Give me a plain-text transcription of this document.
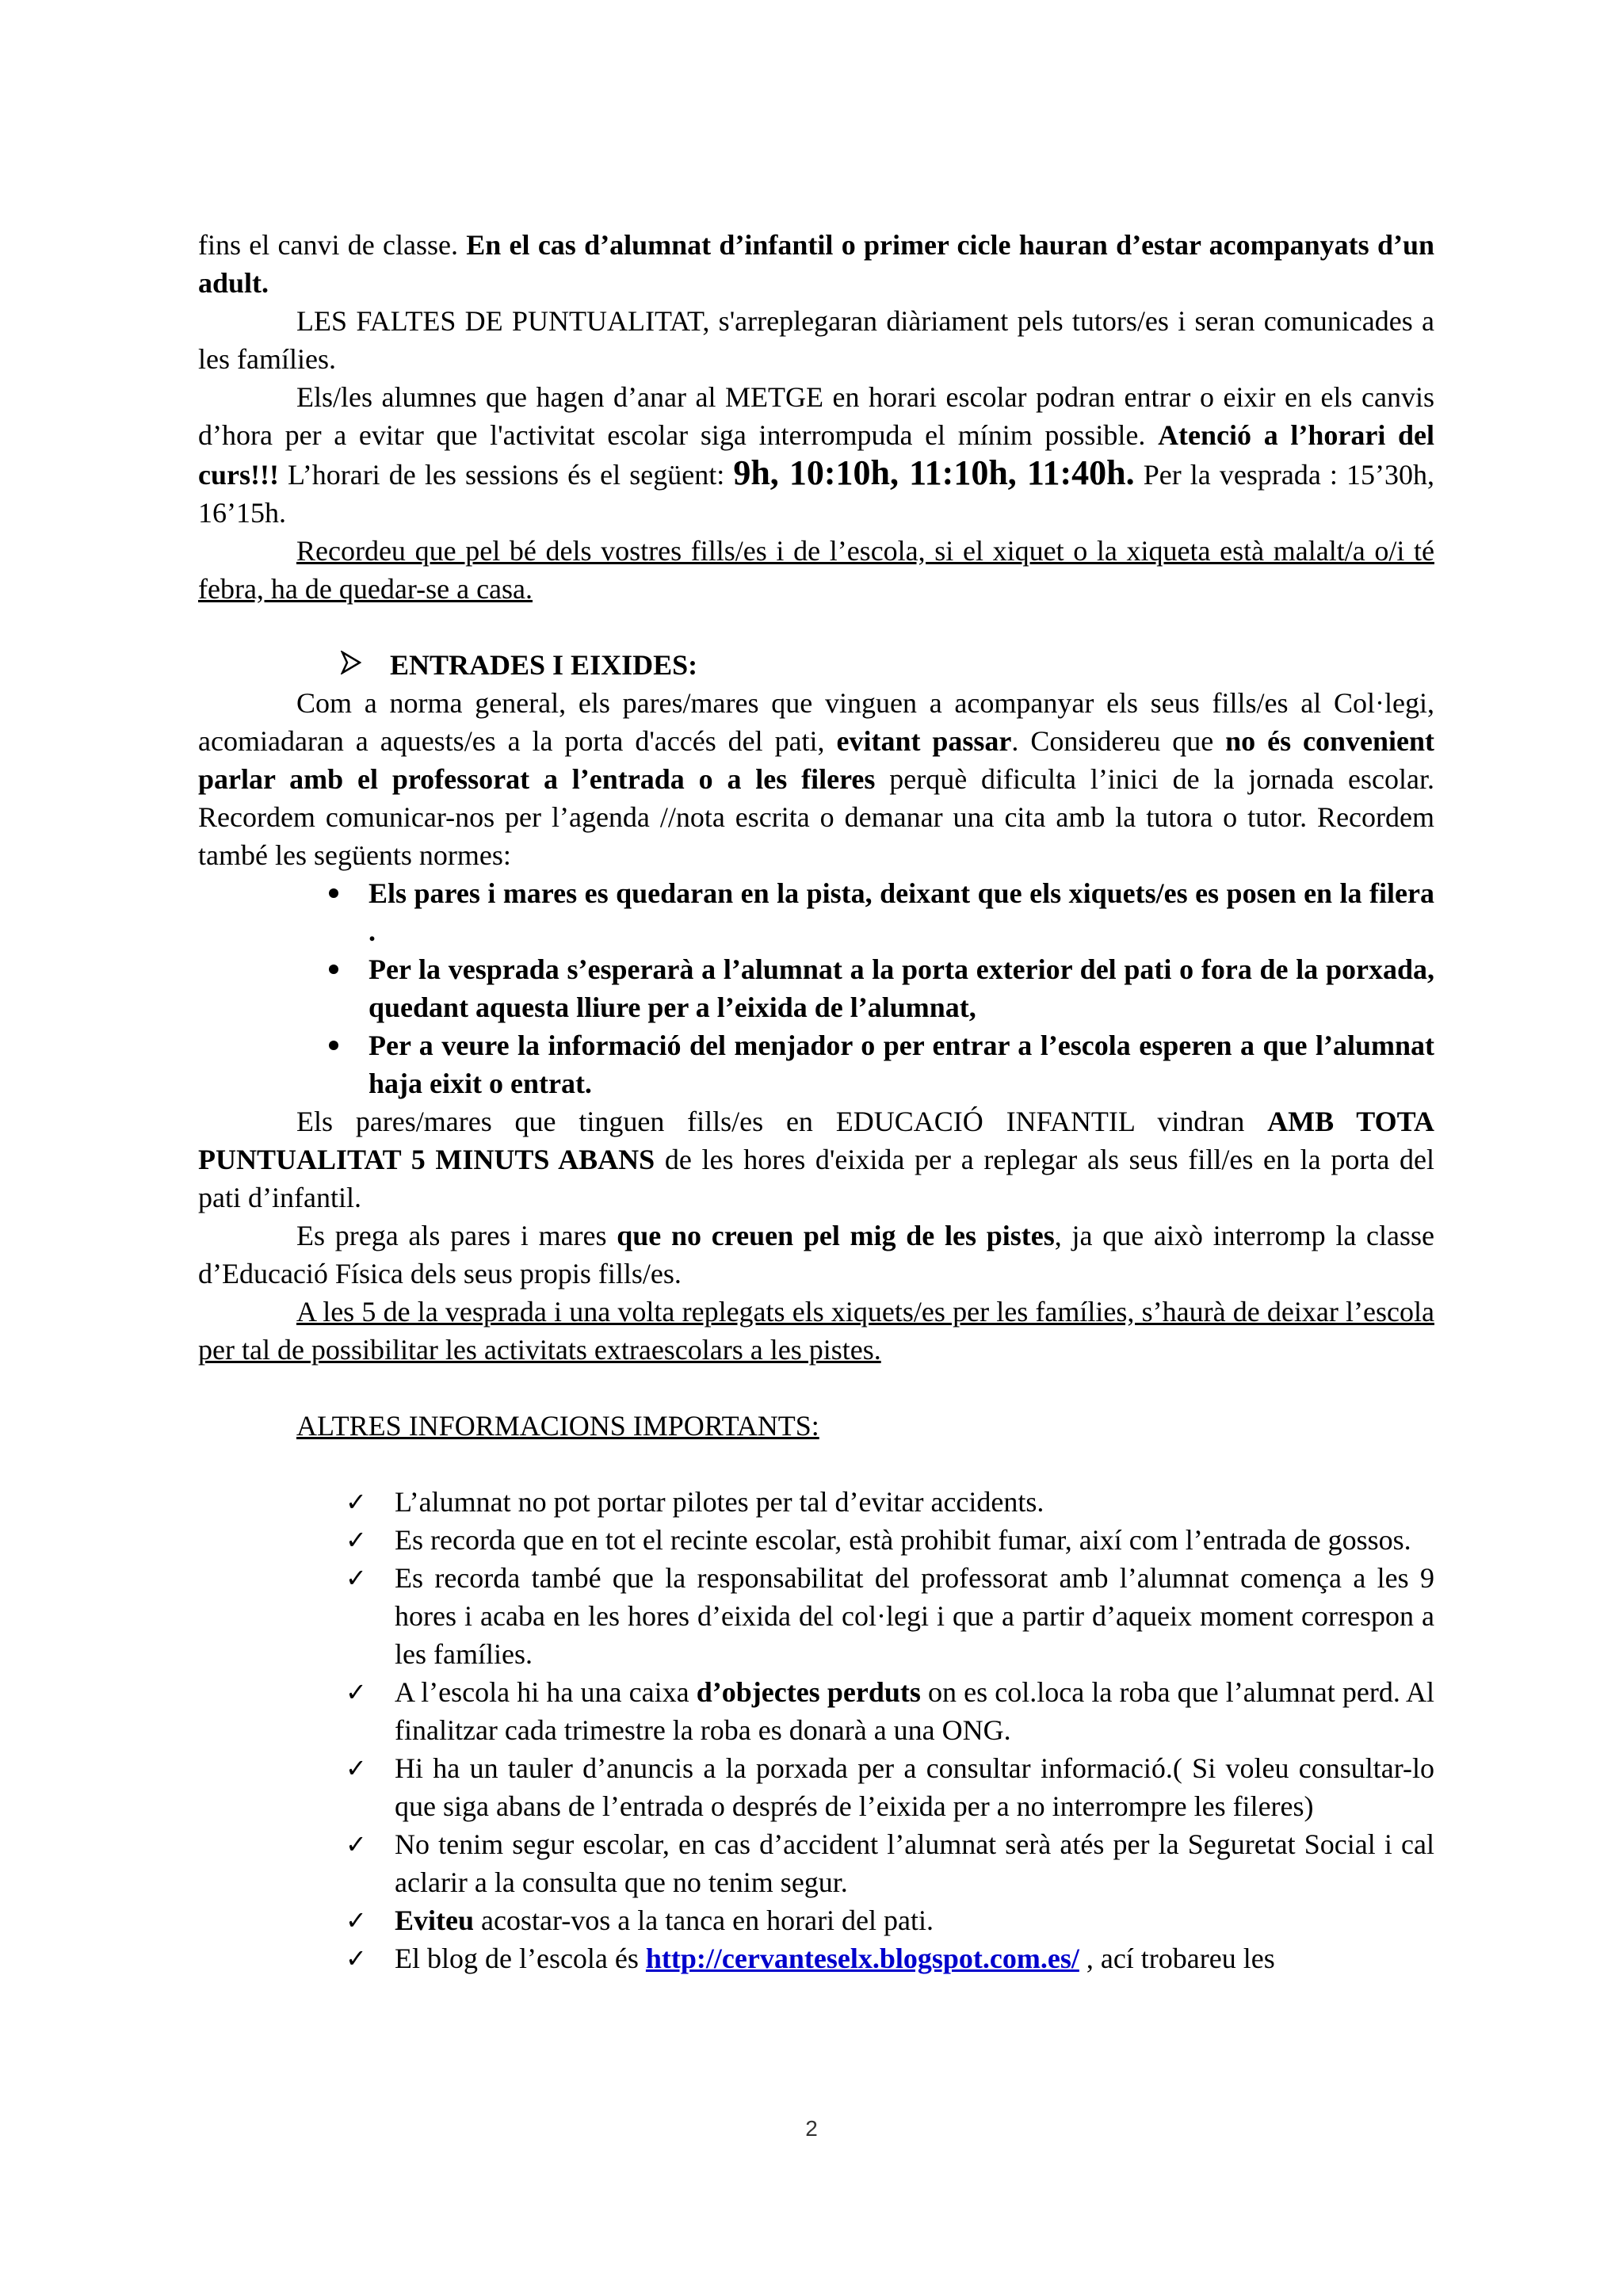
fins el canvi de classe. En el cas d’alumnat d’infantil o primer cicle hauran d’estar acompanyats d’un adult.

LES FALTES DE PUNTUALITAT, s'arreplegaran diàriament pels tutors/es i seran comunicades a les famílies.

Els/les alumnes que hagen d’anar al METGE en horari escolar podran entrar o eixir en els canvis d’hora per a evitar que l'activitat escolar siga interrompuda el mínim possible. Atenció a l’horari del curs!!! L’horari de les sessions és el següent: 9h, 10:10h, 11:10h, 11:40h. Per la vesprada : 15’30h, 16’15h.

Recordeu que pel bé dels vostres fills/es i de l’escola, si el xiquet o la xiqueta està malalt/a o/i té febra, ha de quedar-se a casa.

ENTRADES I EIXIDES:

Com a norma general, els pares/mares que vinguen a acompanyar els seus fills/es al Col·legi, acomiadaran a aquests/es a la porta d'accés del pati, evitant passar. Considereu que no és convenient parlar amb el professorat a l’entrada o a les fileres perquè dificulta l’inici de la jornada escolar. Recordem comunicar-nos per l’agenda //nota escrita o demanar una cita amb la tutora o tutor. Recordem també les següents normes:

Els pares i mares es quedaran en la pista, deixant que els xiquets/es es posen en la filera .
Per la vesprada s’esperarà a l’alumnat a la porta exterior del pati o fora de la porxada, quedant aquesta lliure per a l’eixida de l’alumnat,
Per a veure la informació del menjador o per entrar a l’escola esperen a que l’alumnat haja eixit o entrat.

Els pares/mares que tinguen fills/es en EDUCACIÓ INFANTIL vindran AMB TOTA PUNTUALITAT 5 MINUTS ABANS de les hores d'eixida per a replegar als seus fill/es en la porta del pati d’infantil.

Es prega als pares i mares que no creuen pel mig de les pistes, ja que això interromp la classe d’Educació Física dels seus propis fills/es.

A les 5 de la vesprada i una volta replegats els xiquets/es per les famílies, s’haurà de deixar l’escola per tal de possibilitar les activitats extraescolars a les pistes.

ALTRES INFORMACIONS IMPORTANTS:

✓ L’alumnat no pot portar pilotes per tal d’evitar accidents.
✓ Es recorda que en tot el recinte escolar, està prohibit fumar, així com l’entrada de gossos.
✓ Es recorda també que la responsabilitat del professorat amb l’alumnat comença a les 9 hores i acaba en les hores d’eixida del col·legi i que a partir d’aqueix moment correspon a les famílies.
✓ A l’escola hi ha una caixa d’objectes perduts on es col.loca la roba que l’alumnat perd. Al finalitzar cada trimestre la roba es donarà a una ONG.
✓ Hi ha un tauler d’anuncis a la porxada per a consultar informació.( Si voleu consultar-lo que siga abans de l’entrada o després de l’eixida per a no interrompre les fileres)
✓ No tenim segur escolar, en cas d’accident l’alumnat serà atés per la Seguretat Social i cal aclarir a la consulta que no tenim segur.
✓ Eviteu acostar-vos a la tanca en horari del pati.
✓ El blog de l’escola és http://cervanteselx.blogspot.com.es/ , ací trobareu les
2
